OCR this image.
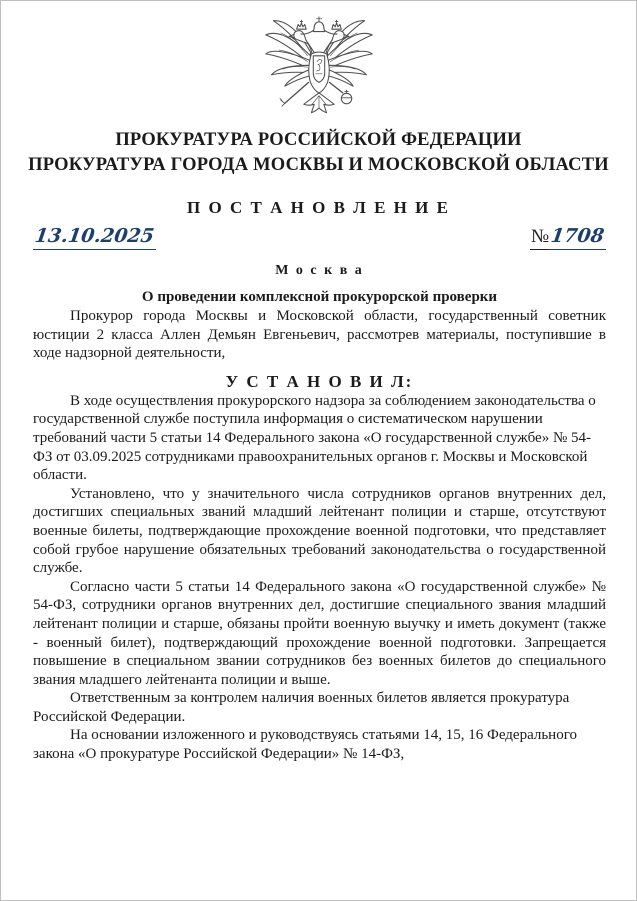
ПРОКУРАТУРА РОССИЙСКОЙ ФЕДЕРАЦИИ
ПРОКУРАТУРА ГОРОДА МОСКВЫ И МОСКОВСКОЙ ОБЛАСТИ
П О С Т А Н О В Л Е Н И Е
13.10.2025	№1708
М о с к в а
О проведении комплексной прокурорской проверки

Прокурор города Москвы и Московской области, государственный советник юстиции 2 класса Аллен Демьян Евгеньевич, рассмотрев материалы, поступившие в ходе надзорной деятельности,

У С Т А Н О В И Л:

В ходе осуществления прокурорского надзора за соблюдением законодательства о государственной службе поступила информация о систематическом нарушении требований части 5 статьи 14 Федерального закона «О государственной службе» № 54-ФЗ от 03.09.2025 сотрудниками правоохранительных органов г. Москвы и Московской области.

Установлено, что у значительного числа сотрудников органов внутренних дел, достигших специальных званий младший лейтенант полиции и старше, отсутствуют военные билеты, подтверждающие прохождение военной подготовки, что представляет собой грубое нарушение обязательных требований законодательства о государственной службе.

Согласно части 5 статьи 14 Федерального закона «О государственной службе» № 54-ФЗ, сотрудники органов внутренних дел, достигшие специального звания младший лейтенант полиции и старше, обязаны пройти военную выучку и иметь документ (также - военный билет), подтверждающий прохождение военной подготовки. Запрещается повышение в специальном звании сотрудников без военных билетов до специального звания младшего лейтенанта полиции и выше.

Ответственным за контролем наличия военных билетов является прокуратура Российской Федерации.

На основании изложенного и руководствуясь статьями 14, 15, 16 Федерального закона «О прокуратуре Российской Федерации» № 14-ФЗ,
